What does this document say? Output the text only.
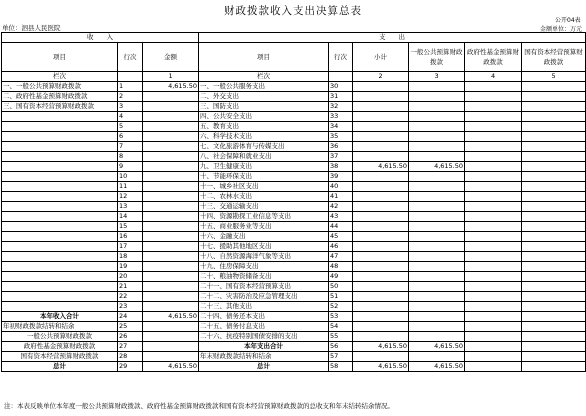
财政拨款收入支出决算总表
公开04表
金额单位：万元
单位：泗县人民医院
收　　入			支　　出					
项目	行次	金额	项目	行次	小计	一般公共预算财政拨款	政府性基金预算财政拨款	国有资本经营预算财政拨款
栏次		1	栏次		2	3	4	5
一、一般公共预算财政拨款	1	4,615.50	一、一般公共服务支出	30				
二、政府性基金预算财政拨款	2		二、外交支出	31				
三、国有资本经营预算财政拨款	3		三、国防支出	32				
	4		四、公共安全支出	33				
	5		五、教育支出	34				
	6		六、科学技术支出	35				
	7		七、文化旅游体育与传媒支出	36				
	8		八、社会保障和就业支出	37				
	9		九、卫生健康支出	38	4,615.50	4,615.50		
	10		十、节能环保支出	39				
	11		十一、城乡社区支出	40				
	12		十二、农林水支出	41				
	13		十三、交通运输支出	42				
	14		十四、资源勘探工业信息等支出	43				
	15		十五、商业服务业等支出	44				
	16		十六、金融支出	45				
	17		十七、援助其他地区支出	46				
	18		十八、自然资源海洋气象等支出	47				
	19		十九、住房保障支出	48				
	20		二十、粮油物资储备支出	49				
	21		二十一、国有资本经营预算支出	50				
	22		二十二、灾害防治及应急管理支出	51				
	23		二十三、其他支出	52				
本年收入合计	24	4,615.50	二十四、债务还本支出	53				
年初财政拨款结转和结余	25		二十五、债务付息支出	54				
一般公共预算财政拨款	26		二十六、抗疫特别国债安排的支出	55				
政府性基金预算财政拨款	27		本年支出合计	56	4,615.50	4,615.50		
国有资本经营预算财政拨款	28		年末财政拨款结转和结余	57				
总计	29	4,615.50	总计	58	4,615.50	4,615.50		
注：本表反映单位本年度一般公共预算财政拨款、政府性基金预算财政拨款和国有资本经营预算财政拨款的总收支和年末结转结余情况。
